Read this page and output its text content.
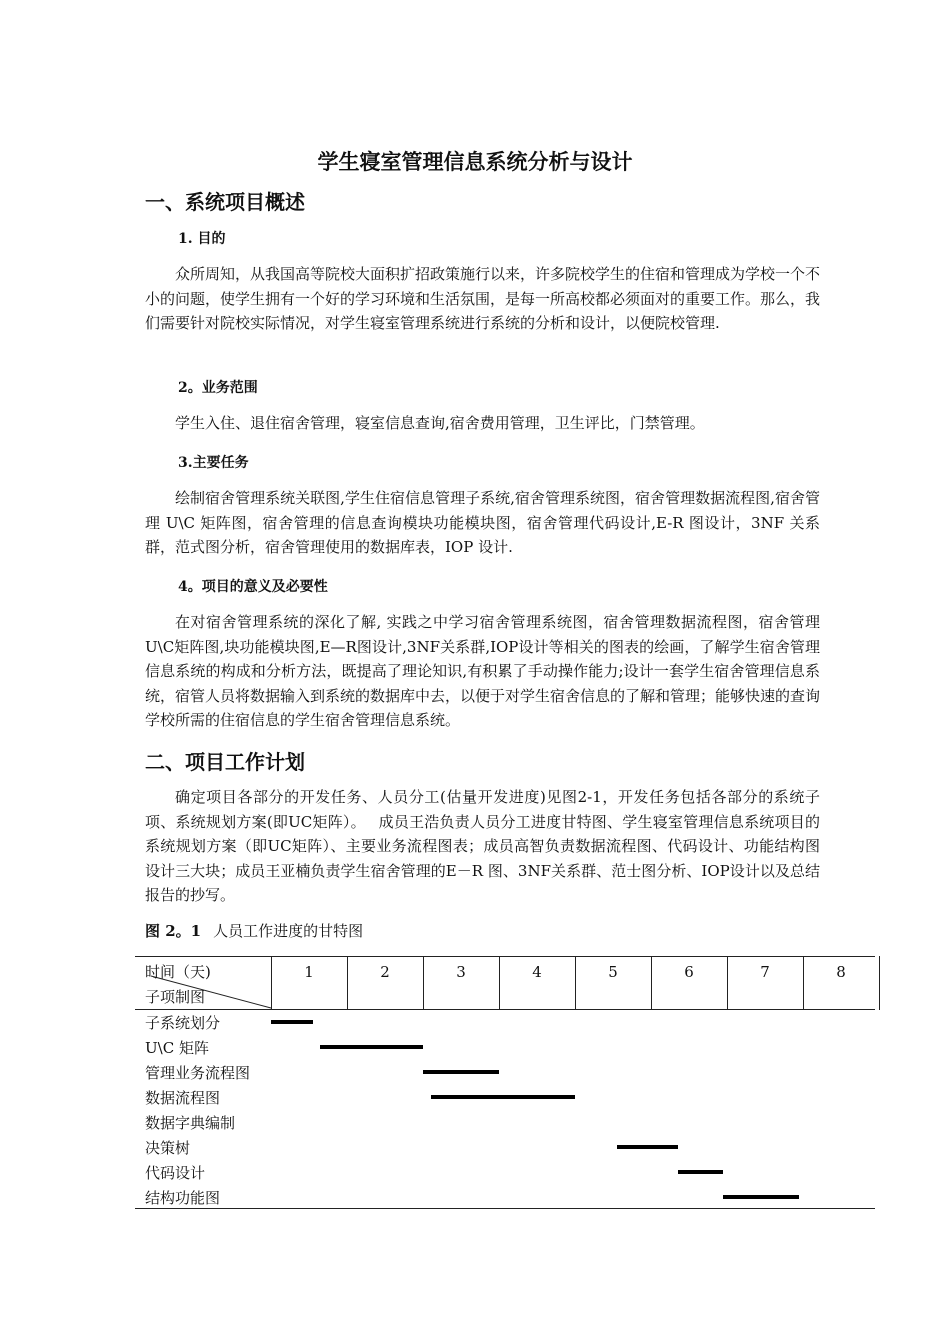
学生寝室管理信息系统分析与设计
一、系统项目概述
1. 目的
众所周知，从我国高等院校大面积扩招政策施行以来，许多院校学生的住宿和管理成为学校一个不小的问题，使学生拥有一个好的学习环境和生活氛围，是每一所高校都必须面对的重要工作。那么，我们需要针对院校实际情况，对学生寝室管理系统进行系统的分析和设计，以便院校管理.
2。业务范围
学生入住、退住宿舍管理，寝室信息查询,宿舍费用管理，卫生评比，门禁管理。
3.主要任务
绘制宿舍管理系统关联图,学生住宿信息管理子系统,宿舍管理系统图，宿舍管理数据流程图,宿舍管理 U\C 矩阵图，宿舍管理的信息查询模块功能模块图，宿舍管理代码设计,E-R 图设计，3NF 关系群，范式图分析，宿舍管理使用的数据库表，IOP 设计.
4。项目的意义及必要性
在对宿舍管理系统的深化了解, 实践之中学习宿舍管理系统图，宿舍管理数据流程图，宿舍管理U\C矩阵图,块功能模块图,E—R图设计,3NF关系群,IOP设计等相关的图表的绘画，了解学生宿舍管理信息系统的构成和分析方法，既提高了理论知识,有积累了手动操作能力;设计一套学生宿舍管理信息系统，宿管人员将数据输入到系统的数据库中去，以便于对学生宿舍信息的了解和管理；能够快速的查询学校所需的住宿信息的学生宿舍管理信息系统。
二、项目工作计划
确定项目各部分的开发任务、人员分工(估量开发进度)见图2-1，开发任务包括各部分的系统子项、系统规划方案(即UC矩阵）。　 成员王浩负责人员分工进度甘特图、学生寝室管理信息系统项目的系统规划方案（即UC矩阵）、主要业务流程图表；成员高智负责数据流程图、代码设计、功能结构图设计三大块；成员王亚楠负责学生宿舍管理的E－R 图、3NF关系群、范士图分析、IOP设计以及总结报告的抄写。
图 2。1 人员工作进度的甘特图
时间（天)
子项制图
1	2	3	4	5	6	7	8
子系统划分
U\C 矩阵
管理业务流程图
数据流程图
数据字典编制
决策树
代码设计
结构功能图
